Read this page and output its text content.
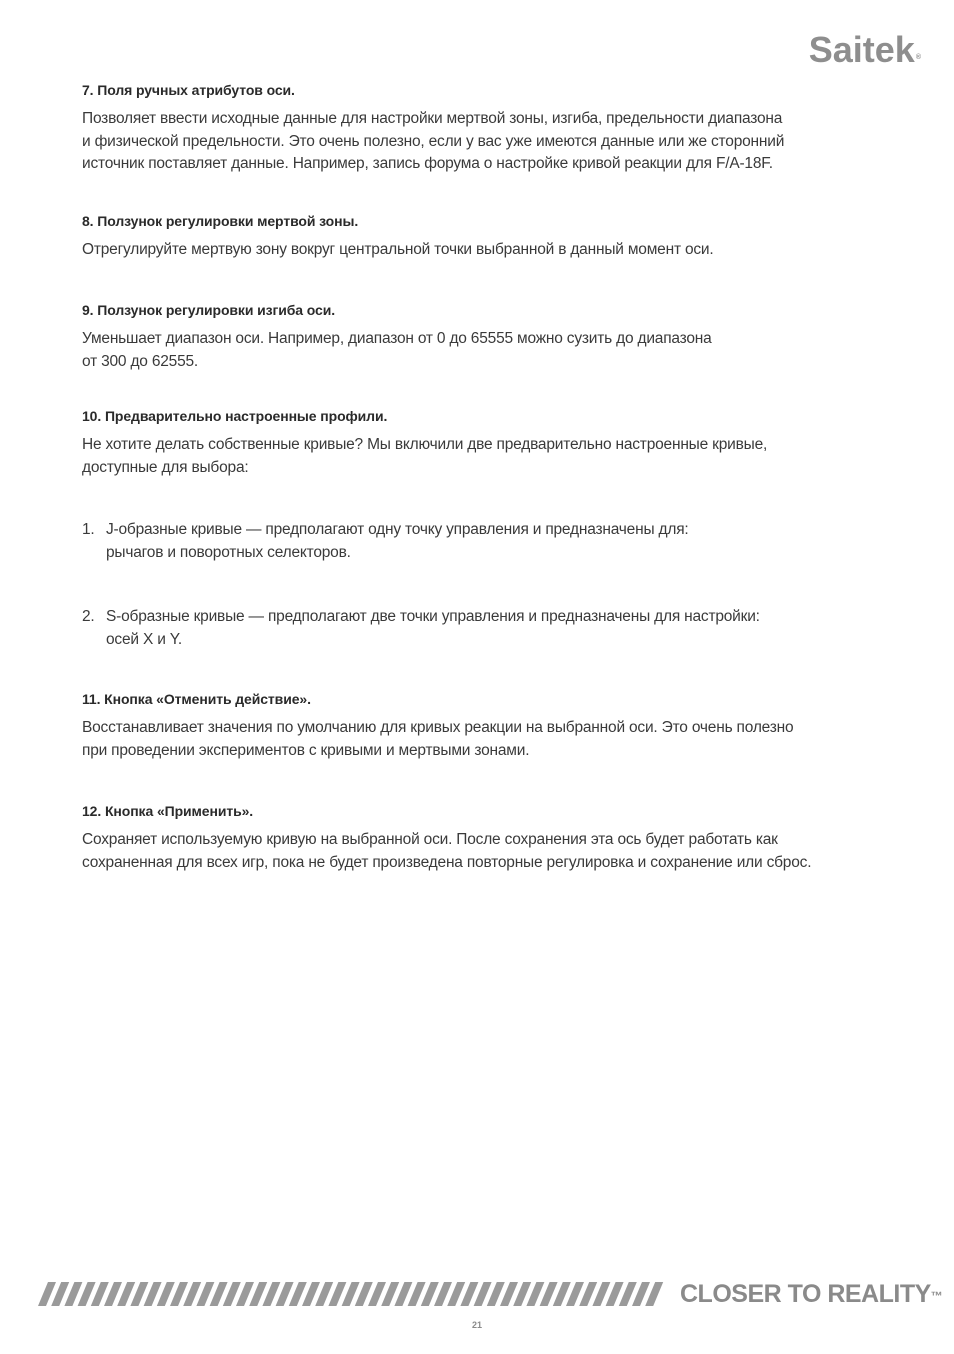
Saitek®
7. Поля ручных атрибутов оси.
Позволяет ввести исходные данные для настройки мертвой зоны, изгиба, предельности диапазона
и физической предельности. Это очень полезно, если у вас уже имеются данные или же сторонний
источник поставляет данные. Например, запись форума о настройке кривой реакции для F/A-18F.
8. Ползунок регулировки мертвой зоны.
Отрегулируйте мертвую зону вокруг центральной точки выбранной в данный момент оси.
9. Ползунок регулировки изгиба оси.
Уменьшает диапазон оси. Например, диапазон от 0 до 65555 можно сузить до диапазона
от 300 до 62555.
10. Предварительно настроенные профили.
Не хотите делать собственные кривые? Мы включили две предварительно настроенные кривые,
доступные для выбора:
1. J-образные кривые — предполагают одну точку управления и предназначены для:
рычагов и поворотных селекторов.
2. S-образные кривые — предполагают две точки управления и предназначены для настройки:
осей X и Y.
11. Кнопка «Отменить действие».
Восстанавливает значения по умолчанию для кривых реакции на выбранной оси. Это очень полезно
при проведении экспериментов с кривыми и мертвыми зонами.
12. Кнопка «Применить».
Сохраняет используемую кривую на выбранной оси. После сохранения эта ось будет работать как
сохраненная для всех игр, пока не будет произведена повторные регулировка и сохранение или сброс.
CLOSER TO REALITY™
21
